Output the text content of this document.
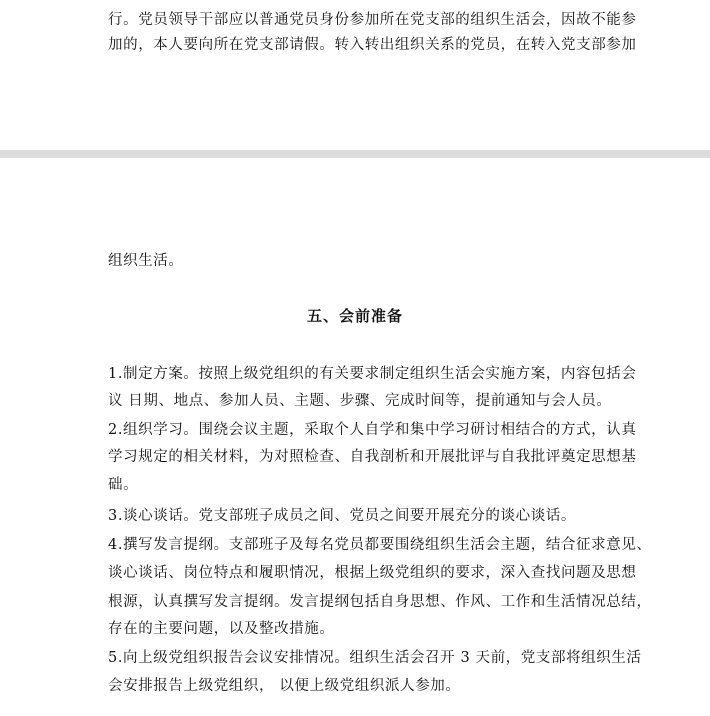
行。党员领导干部应以普通党员身份参加所在党支部的组织生活会，因故不能参
加的，本人要向所在党支部请假。转入转出组织关系的党员，在转入党支部参加
组织生活。
五、会前准备
1.制定方案。按照上级党组织的有关要求制定组织生活会实施方案，内容包括会
议 日期、地点、参加人员、主题、步骤、完成时间等，提前通知与会人员。
2.组织学习。围绕会议主题，采取个人自学和集中学习研讨相结合的方式，认真
学习规定的相关材料，为对照检查、自我剖析和开展批评与自我批评奠定思想基
础。
3.谈心谈话。党支部班子成员之间、党员之间要开展充分的谈心谈话。
4.撰写发言提纲。支部班子及每名党员都要围绕组织生活会主题，结合征求意见、
谈心谈话、岗位特点和履职情况，根据上级党组织的要求，深入查找问题及思想
根源，认真撰写发言提纲。发言提纲包括自身思想、作风、工作和生活情况总结，
存在的主要问题，以及整改措施。
5.向上级党组织报告会议安排情况。组织生活会召开 3 天前，党支部将组织生活
会安排报告上级党组织， 以便上级党组织派人参加。
